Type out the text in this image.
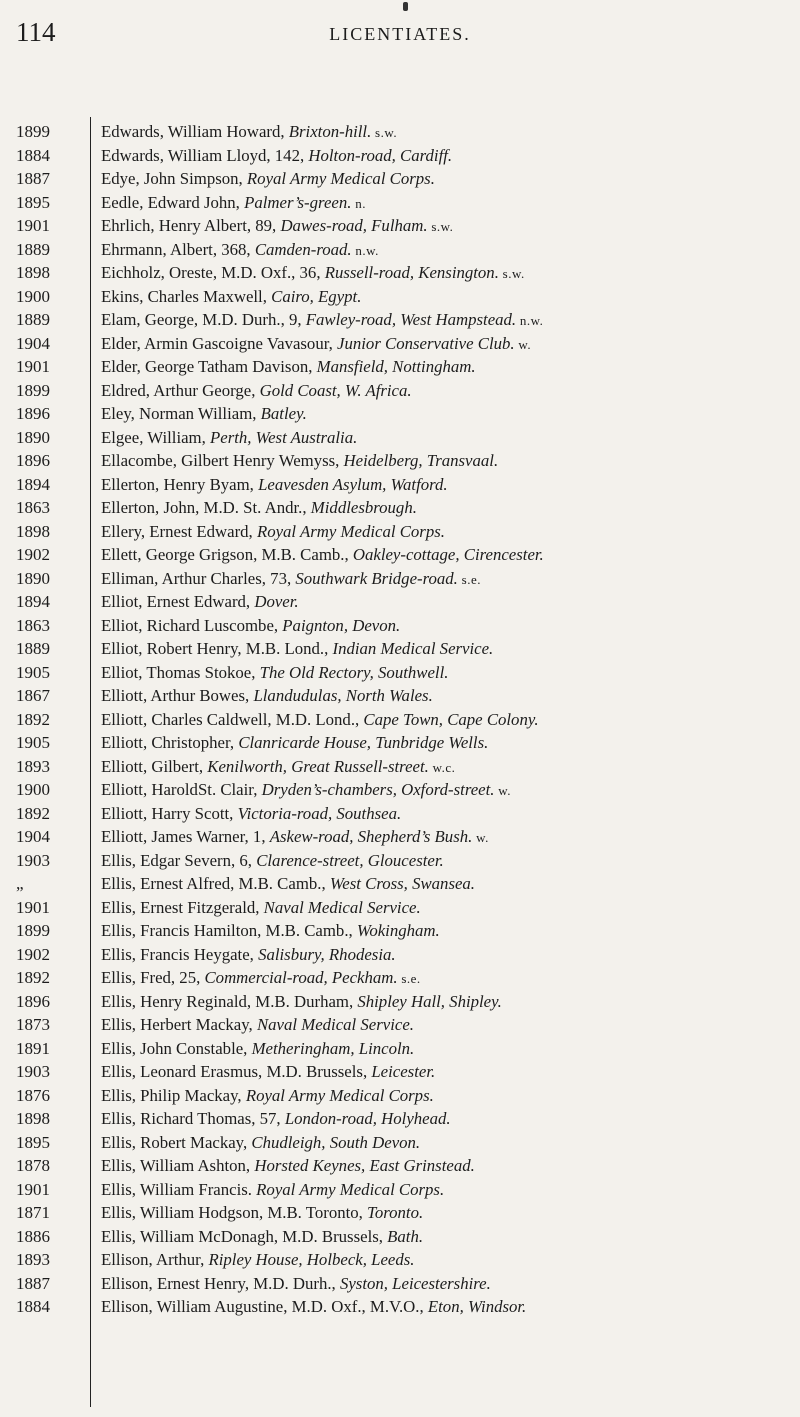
114	LICENTIATES.
1899	Edwards, William Howard, Brixton-hill. s.w.
1884	Edwards, William Lloyd, 142, Holton-road, Cardiff.
1887	Edye, John Simpson, Royal Army Medical Corps.
1895	Eedle, Edward John, Palmer’s-green. n.
1901	Ehrlich, Henry Albert, 89, Dawes-road, Fulham. s.w.
1889	Ehrmann, Albert, 368, Camden-road. n.w.
1898	Eichholz, Oreste, M.D. Oxf., 36, Russell-road, Kensington. s.w.
1900	Ekins, Charles Maxwell, Cairo, Egypt.
1889	Elam, George, M.D. Durh., 9, Fawley-road, West Hampstead. n.w.
1904	Elder, Armin Gascoigne Vavasour, Junior Conservative Club. w.
1901	Elder, George Tatham Davison, Mansfield, Nottingham.
1899	Eldred, Arthur George, Gold Coast, W. Africa.
1896	Eley, Norman William, Batley.
1890	Elgee, William, Perth, West Australia.
1896	Ellacombe, Gilbert Henry Wemyss, Heidelberg, Transvaal.
1894	Ellerton, Henry Byam, Leavesden Asylum, Watford.
1863	Ellerton, John, M.D. St. Andr., Middlesbrough.
1898	Ellery, Ernest Edward, Royal Army Medical Corps.
1902	Ellett, George Grigson, M.B. Camb., Oakley-cottage, Cirencester.
1890	Elliman, Arthur Charles, 73, Southwark Bridge-road. s.e.
1894	Elliot, Ernest Edward, Dover.
1863	Elliot, Richard Luscombe, Paignton, Devon.
1889	Elliot, Robert Henry, M.B. Lond., Indian Medical Service.
1905	Elliot, Thomas Stokoe, The Old Rectory, Southwell.
1867	Elliott, Arthur Bowes, Llandudulas, North Wales.
1892	Elliott, Charles Caldwell, M.D. Lond., Cape Town, Cape Colony.
1905	Elliott, Christopher, Clanricarde House, Tunbridge Wells.
1893	Elliott, Gilbert, Kenilworth, Great Russell-street. w.c.
1900	Elliott, HaroldSt. Clair, Dryden’s-chambers, Oxford-street. w.
1892	Elliott, Harry Scott, Victoria-road, Southsea.
1904	Elliott, James Warner, 1, Askew-road, Shepherd’s Bush. w.
1903	Ellis, Edgar Severn, 6, Clarence-street, Gloucester.
„	Ellis, Ernest Alfred, M.B. Camb., West Cross, Swansea.
1901	Ellis, Ernest Fitzgerald, Naval Medical Service.
1899	Ellis, Francis Hamilton, M.B. Camb., Wokingham.
1902	Ellis, Francis Heygate, Salisbury, Rhodesia.
1892	Ellis, Fred, 25, Commercial-road, Peckham. s.e.
1896	Ellis, Henry Reginald, M.B. Durham, Shipley Hall, Shipley.
1873	Ellis, Herbert Mackay, Naval Medical Service.
1891	Ellis, John Constable, Metheringham, Lincoln.
1903	Ellis, Leonard Erasmus, M.D. Brussels, Leicester.
1876	Ellis, Philip Mackay, Royal Army Medical Corps.
1898	Ellis, Richard Thomas, 57, London-road, Holyhead.
1895	Ellis, Robert Mackay, Chudleigh, South Devon.
1878	Ellis, William Ashton, Horsted Keynes, East Grinstead.
1901	Ellis, William Francis. Royal Army Medical Corps.
1871	Ellis, William Hodgson, M.B. Toronto, Toronto.
1886	Ellis, William McDonagh, M.D. Brussels, Bath.
1893	Ellison, Arthur, Ripley House, Holbeck, Leeds.
1887	Ellison, Ernest Henry, M.D. Durh., Syston, Leicestershire.
1884	Ellison, William Augustine, M.D. Oxf., M.V.O., Eton, Windsor.
